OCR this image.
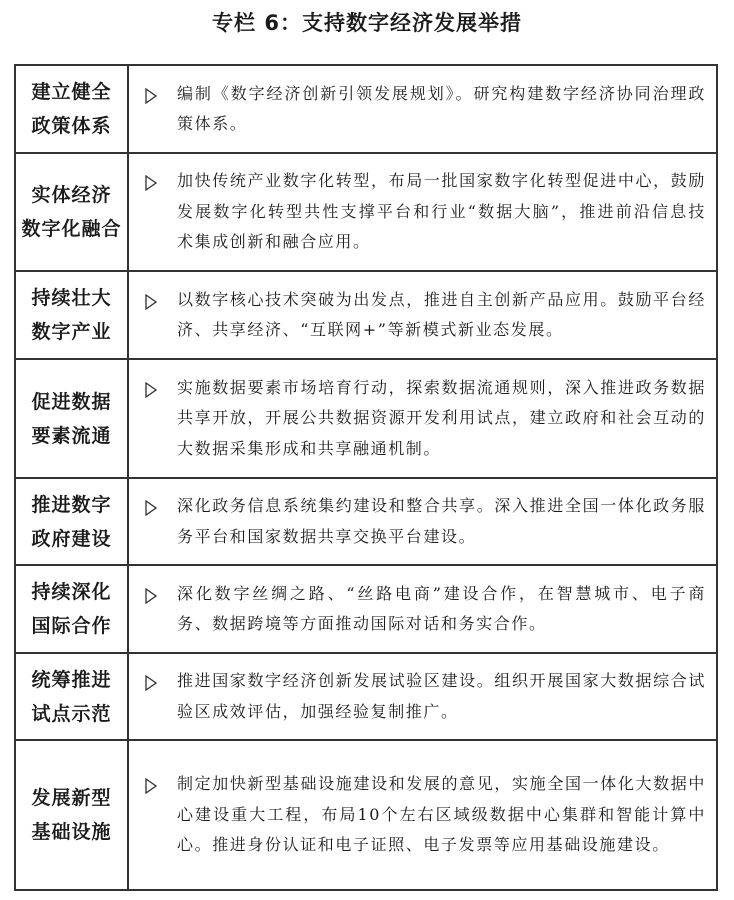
专栏 6：支持数字经济发展举措
建立健全
政策体系	编制《数字经济创新引领发展规划》。研究构建数字经济协同治理政策体系。

实体经济
数字化融合	加快传统产业数字化转型，布局一批国家数字化转型促进中心，鼓励发展数字化转型共性支撑平台和行业“数据大脑”，推进前沿信息技术集成创新和融合应用。

持续壮大
数字产业	以数字核心技术突破为出发点，推进自主创新产品应用。鼓励平台经济、共享经济、“互联网+”等新模式新业态发展。

促进数据
要素流通	实施数据要素市场培育行动，探索数据流通规则，深入推进政务数据共享开放，开展公共数据资源开发利用试点，建立政府和社会互动的大数据采集形成和共享融通机制。

推进数字
政府建设	深化政务信息系统集约建设和整合共享。深入推进全国一体化政务服务平台和国家数据共享交换平台建设。

持续深化
国际合作	深化数字丝绸之路、“丝路电商”建设合作，在智慧城市、电子商务、数据跨境等方面推动国际对话和务实合作。

统筹推进
试点示范	推进国家数字经济创新发展试验区建设。组织开展国家大数据综合试验区成效评估，加强经验复制推广。

发展新型
基础设施	制定加快新型基础设施建设和发展的意见，实施全国一体化大数据中心建设重大工程，布局10个左右区域级数据中心集群和智能计算中心。推进身份认证和电子证照、电子发票等应用基础设施建设。
